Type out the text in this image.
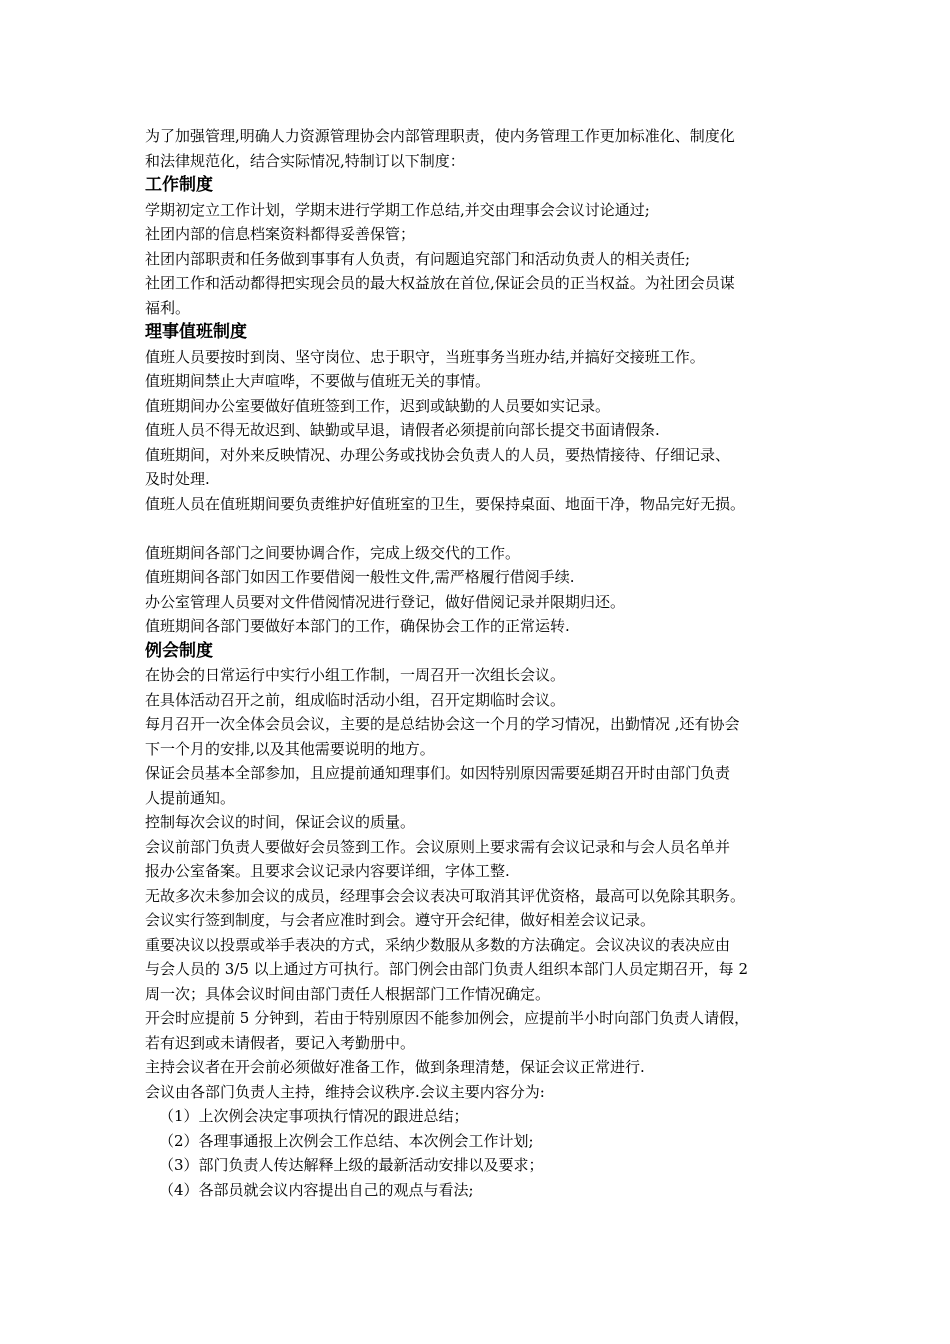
为了加强管理,明确人力资源管理协会内部管理职责，使内务管理工作更加标准化、制度化
和法律规范化，结合实际情况,特制订以下制度：
工作制度
学期初定立工作计划，学期末进行学期工作总结,并交由理事会会议讨论通过;
社团内部的信息档案资料都得妥善保管；
社团内部职责和任务做到事事有人负责，有问题追究部门和活动负责人的相关责任;
社团工作和活动都得把实现会员的最大权益放在首位,保证会员的正当权益。为社团会员谋
福利。
理事值班制度
值班人员要按时到岗、坚守岗位、忠于职守，当班事务当班办结,并搞好交接班工作。
值班期间禁止大声喧哗，不要做与值班无关的事情。
值班期间办公室要做好值班签到工作，迟到或缺勤的人员要如实记录。
值班人员不得无故迟到、缺勤或早退，请假者必须提前向部长提交书面请假条.
值班期间，对外来反映情况、办理公务或找协会负责人的人员，要热情接待、仔细记录、
及时处理.
值班人员在值班期间要负责维护好值班室的卫生，要保持桌面、地面干净，物品完好无损。
值班期间各部门之间要协调合作，完成上级交代的工作。
值班期间各部门如因工作要借阅一般性文件,需严格履行借阅手续.
办公室管理人员要对文件借阅情况进行登记，做好借阅记录并限期归还。
值班期间各部门要做好本部门的工作，确保协会工作的正常运转.
例会制度
在协会的日常运行中实行小组工作制，一周召开一次组长会议。
在具体活动召开之前，组成临时活动小组，召开定期临时会议。
每月召开一次全体会员会议，主要的是总结协会这一个月的学习情况，出勤情况 ,还有协会
下一个月的安排,以及其他需要说明的地方。
保证会员基本全部参加，且应提前通知理事们。如因特别原因需要延期召开时由部门负责
人提前通知。
控制每次会议的时间，保证会议的质量。
会议前部门负责人要做好会员签到工作。会议原则上要求需有会议记录和与会人员名单并
报办公室备案。且要求会议记录内容要详细，字体工整.
无故多次未参加会议的成员，经理事会会议表决可取消其评优资格，最高可以免除其职务。
会议实行签到制度，与会者应准时到会。遵守开会纪律，做好相差会议记录。
重要决议以投票或举手表决的方式，采纳少数服从多数的方法确定。会议决议的表决应由
与会人员的 3/5 以上通过方可执行。部门例会由部门负责人组织本部门人员定期召开，每 2
周一次；具体会议时间由部门责任人根据部门工作情况确定。
开会时应提前 5 分钟到，若由于特别原因不能参加例会，应提前半小时向部门负责人请假，
若有迟到或未请假者，要记入考勤册中。
主持会议者在开会前必须做好准备工作，做到条理清楚，保证会议正常进行.
会议由各部门负责人主持，维持会议秩序.会议主要内容分为:
（1）上次例会决定事项执行情况的跟进总结；
（2）各理事通报上次例会工作总结、本次例会工作计划;
（3）部门负责人传达解释上级的最新活动安排以及要求；
（4）各部员就会议内容提出自己的观点与看法;
